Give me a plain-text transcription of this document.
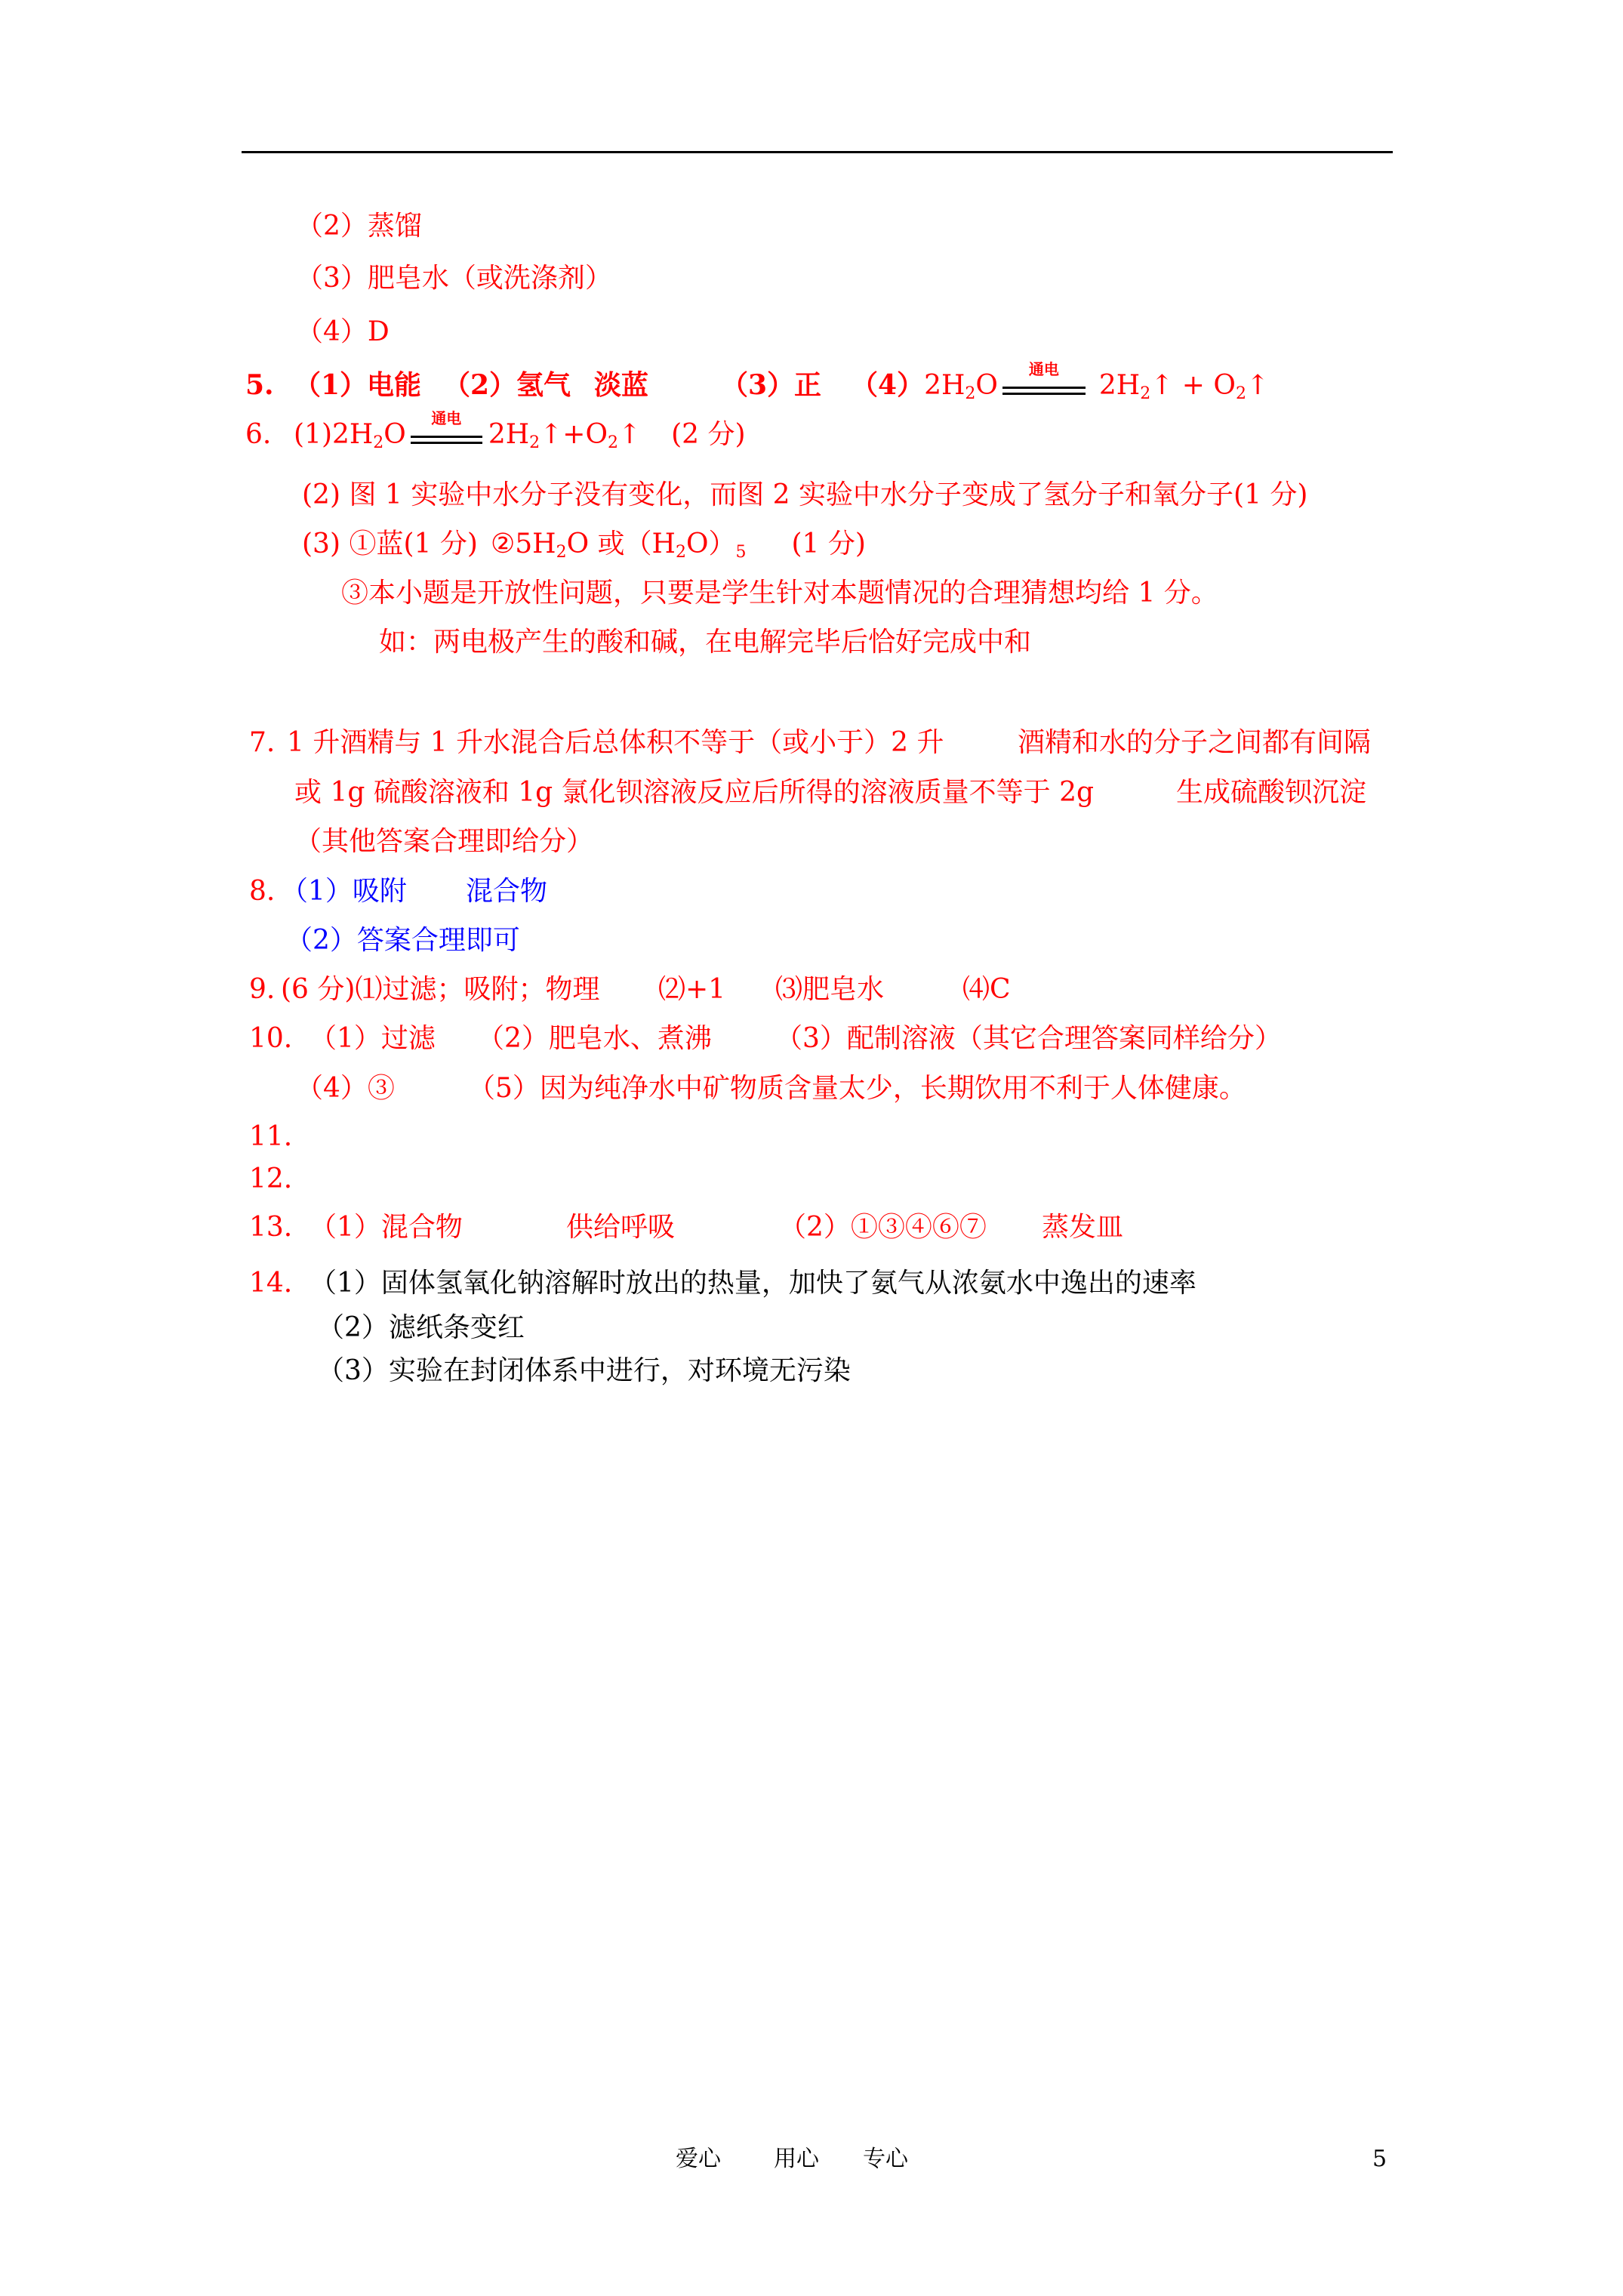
（2）蒸馏
（3）肥皂水（或洗涤剂）
（4）D
5. （1）电能 （2）氢气 淡蓝	（3）正 $(4)2H_2O$
通电
$2H_2↑$ + $O_2↑$
6. $(1)2H_2O$
通电
$2H_2↑+O_2↑$ (2 分)
(2) 图 1 实验中水分子没有变化，而图 2 实验中水分子变成了氢分子和氧分子(1 分)
(3) ①蓝(1 分) $②5H_2O$ 或$(H_2O)_5$ (1 分)
③本小题是开放性问题，只要是学生针对本题情况的合理猜想均给 1 分。
如：两电极产生的酸和碱，在电解完毕后恰好完成中和
7. 1 升酒精与 1 升水混合后总体积不等于（或小于）2 升	酒精和水的分子之间都有间隔
或 1g 硫酸溶液和 1g 氯化钡溶液反应后所得的溶液质量不等于 2g	生成硫酸钡沉淀
（其他答案合理即给分）
8. （1）吸附 混合物
（2）答案合理即可
9. (6 分)⑴过滤；吸附；物理 ⑵+1 ⑶肥皂水	⑷C
10. （1）过滤 （2）肥皂水、煮沸 （3）配制溶液（其它合理答案同样给分）
（4）③	（5）因为纯净水中矿物质含量太少，长期饮用不利于人体健康。
11.
12.
13. （1）混合物	供给呼吸	（2）①③④⑥⑦ 蒸发皿
14. （1）固体氢氧化钠溶解时放出的热量，加快了氨气从浓氨水中逸出的速率
（2）滤纸条变红
（3）实验在封闭体系中进行，对环境无污染
爱心 用心 专心	5
